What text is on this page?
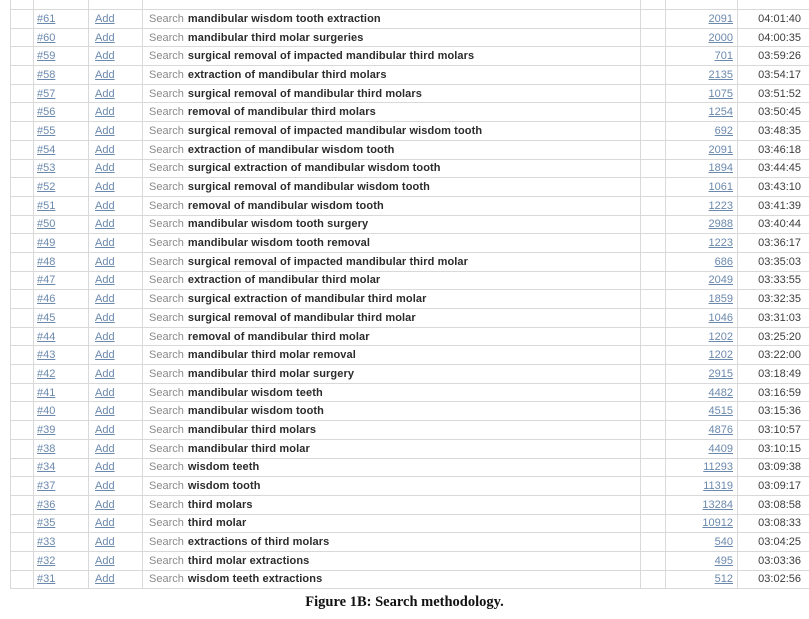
#61	Add	Search mandibular wisdom tooth extraction	2091 04:01:40
#60	Add	Search mandibular third molar surgeries	2000 04:00:35
#59	Add	Search surgical removal of impacted mandibular third molars	701 03:59:26
#58	Add	Search extraction of mandibular third molars	2135 03:54:17
#57	Add	Search surgical removal of mandibular third molars	1075 03:51:52
#56	Add	Search removal of mandibular third molars	1254 03:50:45
#55	Add	Search surgical removal of impacted mandibular wisdom tooth	692 03:48:35
#54	Add	Search extraction of mandibular wisdom tooth	2091 03:46:18
#53	Add	Search surgical extraction of mandibular wisdom tooth	1894 03:44:45
#52	Add	Search surgical removal of mandibular wisdom tooth	1061 03:43:10
#51	Add	Search removal of mandibular wisdom tooth	1223 03:41:39
#50	Add	Search mandibular wisdom tooth surgery	2988 03:40:44
#49	Add	Search mandibular wisdom tooth removal	1223 03:36:17
#48	Add	Search surgical removal of impacted mandibular third molar	686 03:35:03
#47	Add	Search extraction of mandibular third molar	2049 03:33:55
#46	Add	Search surgical extraction of mandibular third molar	1859 03:32:35
#45	Add	Search surgical removal of mandibular third molar	1046 03:31:03
#44	Add	Search removal of mandibular third molar	1202 03:25:20
#43	Add	Search mandibular third molar removal	1202 03:22:00
#42	Add	Search mandibular third molar surgery	2915 03:18:49
#41	Add	Search mandibular wisdom teeth	4482 03:16:59
#40	Add	Search mandibular wisdom tooth	4515 03:15:36
#39	Add	Search mandibular third molars	4876 03:10:57
#38	Add	Search mandibular third molar	4409 03:10:15
#34	Add	Search wisdom teeth	11293 03:09:38
#37	Add	Search wisdom tooth	11319 03:09:17
#36	Add	Search third molars	13284 03:08:58
#35	Add	Search third molar	10912 03:08:33
#33	Add	Search extractions of third molars	540 03:04:25
#32	Add	Search third molar extractions	495 03:03:36
#31	Add	Search wisdom teeth extractions	512 03:02:56
Figure 1B: Search methodology.
